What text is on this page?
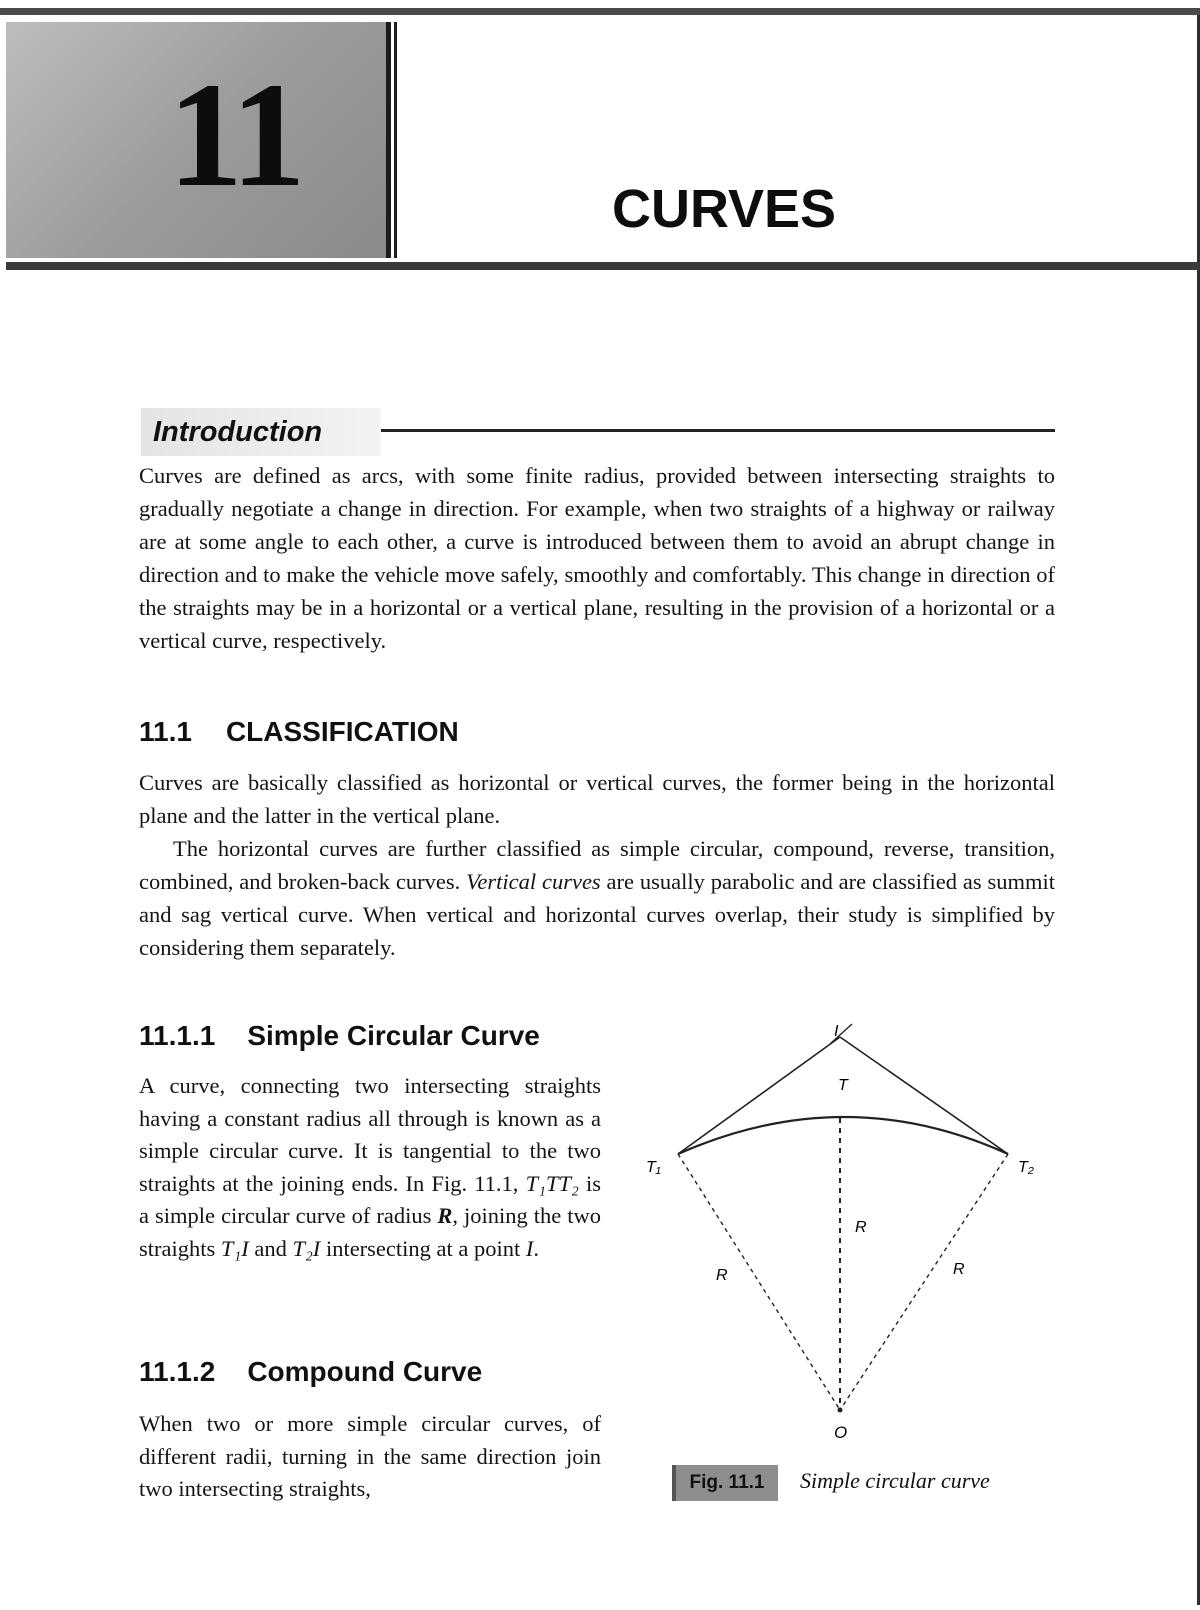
11	CURVES
Introduction

Curves are defined as arcs, with some finite radius, provided between intersecting straights to gradually negotiate a change in direction. For example, when two straights of a highway or railway are at some angle to each other, a curve is introduced between them to avoid an abrupt change in direction and to make the vehicle move safely, smoothly and comfortably. This change in direction of the straights may be in a horizontal or a vertical plane, resulting in the provision of a horizontal or a vertical curve, respectively.

11.1 CLASSIFICATION

Curves are basically classified as horizontal or vertical curves, the former being in the horizontal plane and the latter in the vertical plane.

The horizontal curves are further classified as simple circular, compound, reverse, transition, combined, and broken-back curves. Vertical curves are usually parabolic and are classified as summit and sag vertical curve. When vertical and horizontal curves overlap, their study is simplified by considering them separately.

11.1.1 Simple Circular Curve

A curve, connecting two intersecting straights having a constant radius all through is known as a simple circular curve. It is tangential to the two straights at the joining ends. In Fig. 11.1, T₁TT₂ is a simple circular curve of radius R, joining the two straights T₁I and T₂I intersecting at a point I.

11.1.2 Compound Curve

When two or more simple circular curves, of different radii, turning in the same direction join two intersecting straights,

I
T
T₁	T₂
O
R
R	R
Fig. 11.1	Simple circular curve
